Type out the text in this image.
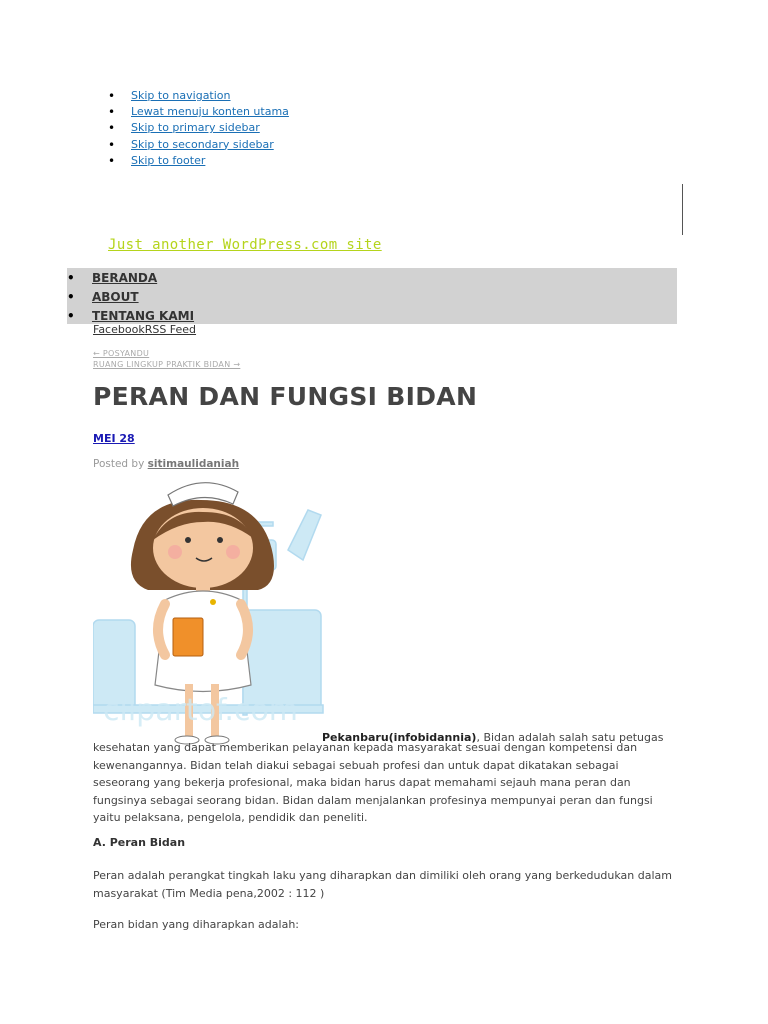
• Skip to navigation
• Lewat menuju konten utama
• Skip to primary sidebar
• Skip to secondary sidebar
• Skip to footer
Just another WordPress.com site
• BERANDA
• ABOUT
• TENTANG KAMI
FacebookRSS Feed
← POSYANDU
RUANG LINGKUP PRAKTIK BIDAN →
PERAN DAN FUNGSI BIDAN
MEI 28
Posted by sitimaulidaniah
clipartof.com
Pekanbaru(infobidannia), Bidan adalah salah satu petugas

kesehatan yang dapat memberikan pelayanan kepada masyarakat sesuai dengan kompetensi dan kewenangannya. Bidan telah diakui sebagai sebuah profesi dan untuk dapat dikatakan sebagai seseorang yang bekerja profesional, maka bidan harus dapat memahami sejauh mana peran dan fungsinya sebagai seorang bidan. Bidan dalam menjalankan profesinya mempunyai peran dan fungsi yaitu pelaksana, pengelola, pendidik dan peneliti.

A. Peran Bidan

Peran adalah perangkat tingkah laku yang diharapkan dan dimiliki oleh orang yang berkedudukan dalam masyarakat (Tim Media pena,2002 : 112 )

Peran bidan yang diharapkan adalah:
